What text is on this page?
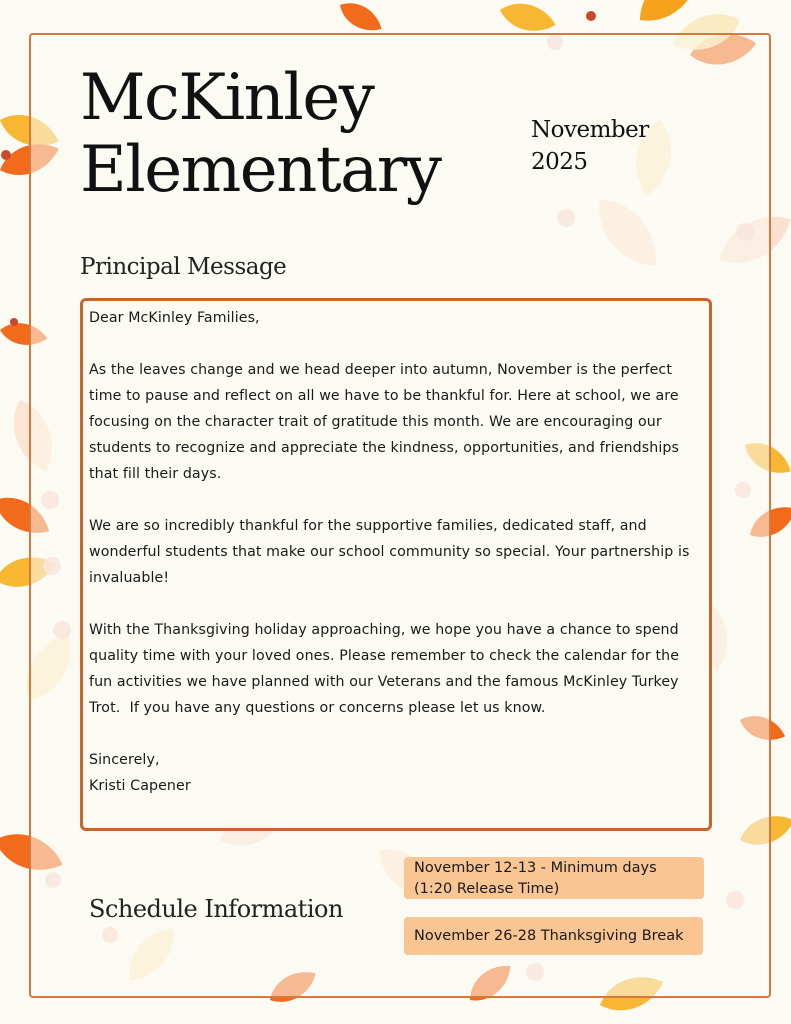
McKinley
Elementary
November
2025
Principal Message

Dear McKinley Families,

As the leaves change and we head deeper into autumn, November is the perfect time to pause and reflect on all we have to be thankful for. Here at school, we are focusing on the character trait of gratitude this month. We are encouraging our students to recognize and appreciate the kindness, opportunities, and friendships that fill their days.

We are so incredibly thankful for the supportive families, dedicated staff, and wonderful students that make our school community so special. Your partnership is invaluable!

With the Thanksgiving holiday approaching, we hope you have a chance to spend quality time with your loved ones. Please remember to check the calendar for the fun activities we have planned with our Veterans and the famous McKinley Turkey Trot.  If you have any questions or concerns please let us know.

Sincerely,
Kristi Capener

Schedule Information
November 12-13 - Minimum days
(1:20 Release Time)
November 26-28 Thanksgiving Break
